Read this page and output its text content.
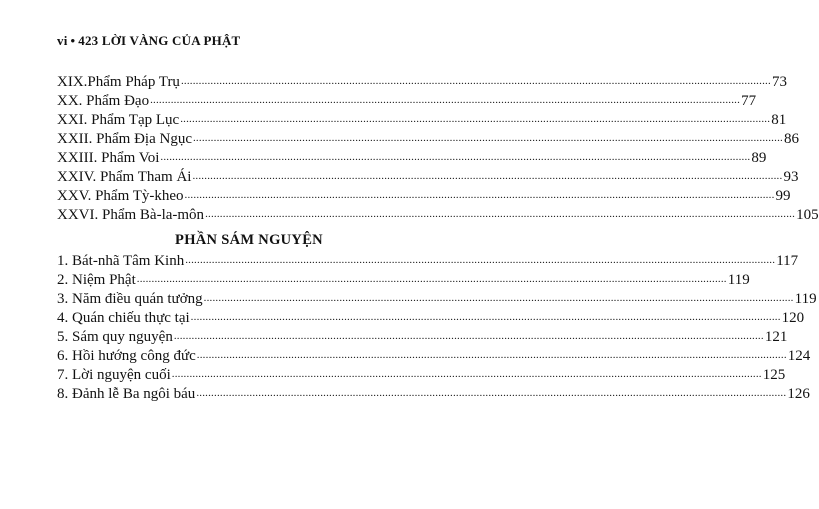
vi • 423 LỜI VÀNG CỦA PHẬT
XIX.Phẩm Pháp Trụ ........................................................................................................................................................................................................ 73
XX. Phẩm Đạo ........................................................................................................................................................................................................ 77
XXI. Phẩm Tạp Lục ........................................................................................................................................................................................................ 81
XXII. Phẩm Địa Ngục ........................................................................................................................................................................................................ 86
XXIII. Phẩm Voi ........................................................................................................................................................................................................ 89
XXIV. Phẩm Tham Ái ........................................................................................................................................................................................................ 93
XXV. Phẩm Tỳ-kheo ........................................................................................................................................................................................................ 99
XXVI. Phẩm Bà-la-môn ........................................................................................................................................................................................................ 105
PHẦN SÁM NGUYỆN
1. Bát-nhã Tâm Kinh ........................................................................................................................................................................................................ 117
2. Niệm Phật ........................................................................................................................................................................................................ 119
3. Năm điều quán tưởng ........................................................................................................................................................................................................ 119
4. Quán chiếu thực tại ........................................................................................................................................................................................................ 120
5. Sám quy nguyện ........................................................................................................................................................................................................ 121
6. Hồi hướng công đức ........................................................................................................................................................................................................ 124
7. Lời nguyện cuối ........................................................................................................................................................................................................ 125
8. Đảnh lễ Ba ngôi báu ........................................................................................................................................................................................................ 126
